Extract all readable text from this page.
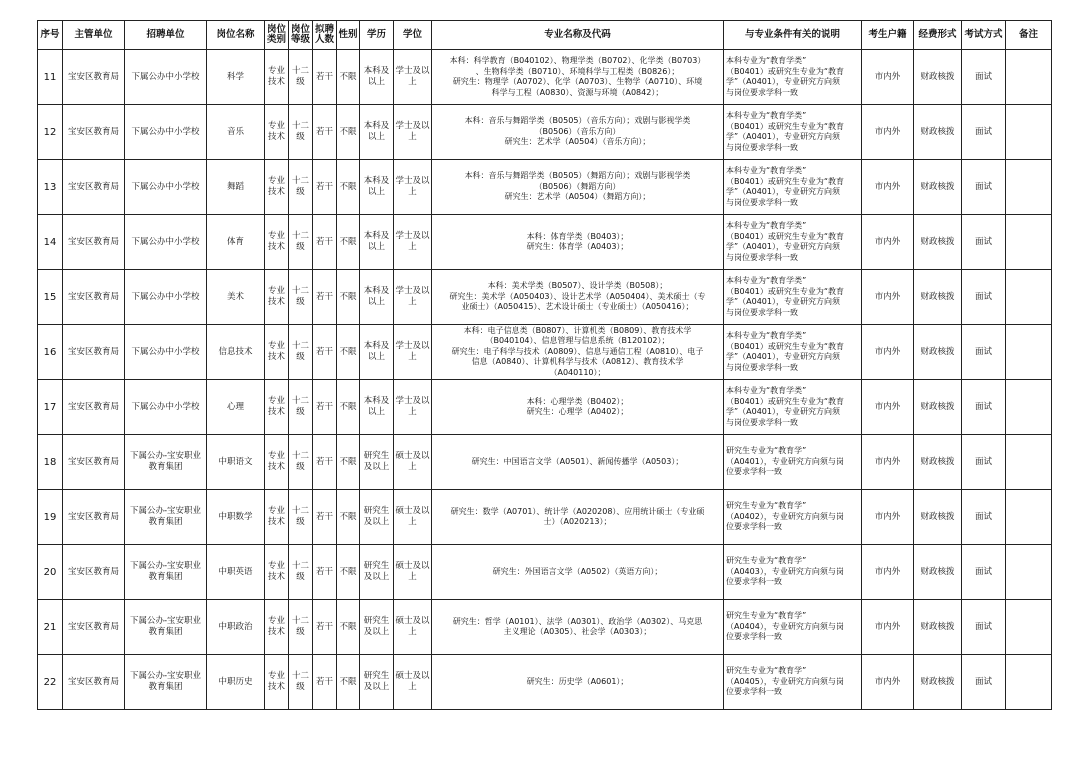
序号	主管单位	招聘单位	岗位名称	岗位类别	岗位等级	拟聘人数	性别	学历	学位	专业名称及代码	与专业条件有关的说明	考生户籍	经费形式	考试方式	备注

11	宝安区教育局	下属公办中小学校	科学	专业技术	十二级	若干	不限	本科及以上	学士及以上	本科：科学教育（B040102）、物理学类（B0702）、化学类（B0703）
、生物科学类（B0710）、环境科学与工程类（B0826）；
研究生：物理学（A0702）、化学（A0703）、生物学（A0710）、环境
科学与工程（A0830）、资源与环境（A0842）；	本科专业为“教育学类”
（B0401）或研究生专业为“教育
学”（A0401），专业研究方向须
与岗位要求学科一致	市内外	财政核拨	面试	

12	宝安区教育局	下属公办中小学校	音乐	专业技术	十二级	若干	不限	本科及以上	学士及以上	本科：音乐与舞蹈学类（B0505）（音乐方向）；戏剧与影视学类
（B0506）（音乐方向）
研究生：艺术学（A0504）（音乐方向）；	本科专业为“教育学类”
（B0401）或研究生专业为“教育
学”（A0401），专业研究方向须
与岗位要求学科一致	市内外	财政核拨	面试	

13	宝安区教育局	下属公办中小学校	舞蹈	专业技术	十二级	若干	不限	本科及以上	学士及以上	本科：音乐与舞蹈学类（B0505）（舞蹈方向）；戏剧与影视学类
（B0506）（舞蹈方向）
研究生：艺术学（A0504）（舞蹈方向）；	本科专业为“教育学类”
（B0401）或研究生专业为“教育
学”（A0401），专业研究方向须
与岗位要求学科一致	市内外	财政核拨	面试	

14	宝安区教育局	下属公办中小学校	体育	专业技术	十二级	若干	不限	本科及以上	学士及以上	本科：体育学类（B0403）；
研究生：体育学（A0403）；	本科专业为“教育学类”
（B0401）或研究生专业为“教育
学”（A0401），专业研究方向须
与岗位要求学科一致	市内外	财政核拨	面试	

15	宝安区教育局	下属公办中小学校	美术	专业技术	十二级	若干	不限	本科及以上	学士及以上	本科：美术学类（B0507）、设计学类（B0508）；
研究生：美术学（A050403）、设计艺术学（A050404）、美术硕士（专
业硕士）（A050415）、艺术设计硕士（专业硕士）（A050416）；	本科专业为“教育学类”
（B0401）或研究生专业为“教育
学”（A0401），专业研究方向须
与岗位要求学科一致	市内外	财政核拨	面试	

16	宝安区教育局	下属公办中小学校	信息技术	专业技术	十二级	若干	不限	本科及以上	学士及以上	本科：电子信息类（B0807）、计算机类（B0809）、教育技术学
（B040104）、信息管理与信息系统（B120102）；
研究生：电子科学与技术（A0809）、信息与通信工程（A0810）、电子
信息（A0840）、计算机科学与技术（A0812）、教育技术学
（A040110）；	本科专业为“教育学类”
（B0401）或研究生专业为“教育
学”（A0401），专业研究方向须
与岗位要求学科一致	市内外	财政核拨	面试	

17	宝安区教育局	下属公办中小学校	心理	专业技术	十二级	若干	不限	本科及以上	学士及以上	本科：心理学类（B0402）；
研究生：心理学（A0402）；	本科专业为“教育学类”
（B0401）或研究生专业为“教育
学”（A0401），专业研究方向须
与岗位要求学科一致	市内外	财政核拨	面试	

18	宝安区教育局	下属公办-宝安职业
教育集团	中职语文	专业技术	十二级	若干	不限	研究生及以上	硕士及以上	研究生：中国语言文学（A0501）、新闻传播学（A0503）；	研究生专业为“教育学”
（A0401），专业研究方向须与岗
位要求学科一致	市内外	财政核拨	面试	

19	宝安区教育局	下属公办-宝安职业
教育集团	中职数学	专业技术	十二级	若干	不限	研究生及以上	硕士及以上	研究生：数学（A0701）、统计学（A020208）、应用统计硕士（专业硕
士）（A020213）；	研究生专业为“教育学”
（A0402），专业研究方向须与岗
位要求学科一致	市内外	财政核拨	面试	

20	宝安区教育局	下属公办-宝安职业
教育集团	中职英语	专业技术	十二级	若干	不限	研究生及以上	硕士及以上	研究生：外国语言文学（A0502）（英语方向）；	研究生专业为“教育学”
（A0403），专业研究方向须与岗
位要求学科一致	市内外	财政核拨	面试	

21	宝安区教育局	下属公办-宝安职业
教育集团	中职政治	专业技术	十二级	若干	不限	研究生及以上	硕士及以上	研究生：哲学（A0101）、法学（A0301）、政治学（A0302）、马克思
主义理论（A0305）、社会学（A0303）；	研究生专业为“教育学”
（A0404），专业研究方向须与岗
位要求学科一致	市内外	财政核拨	面试	

22	宝安区教育局	下属公办-宝安职业
教育集团	中职历史	专业技术	十二级	若干	不限	研究生及以上	硕士及以上	研究生：历史学（A0601）；	研究生专业为“教育学”
（A0405），专业研究方向须与岗
位要求学科一致	市内外	财政核拨	面试	
